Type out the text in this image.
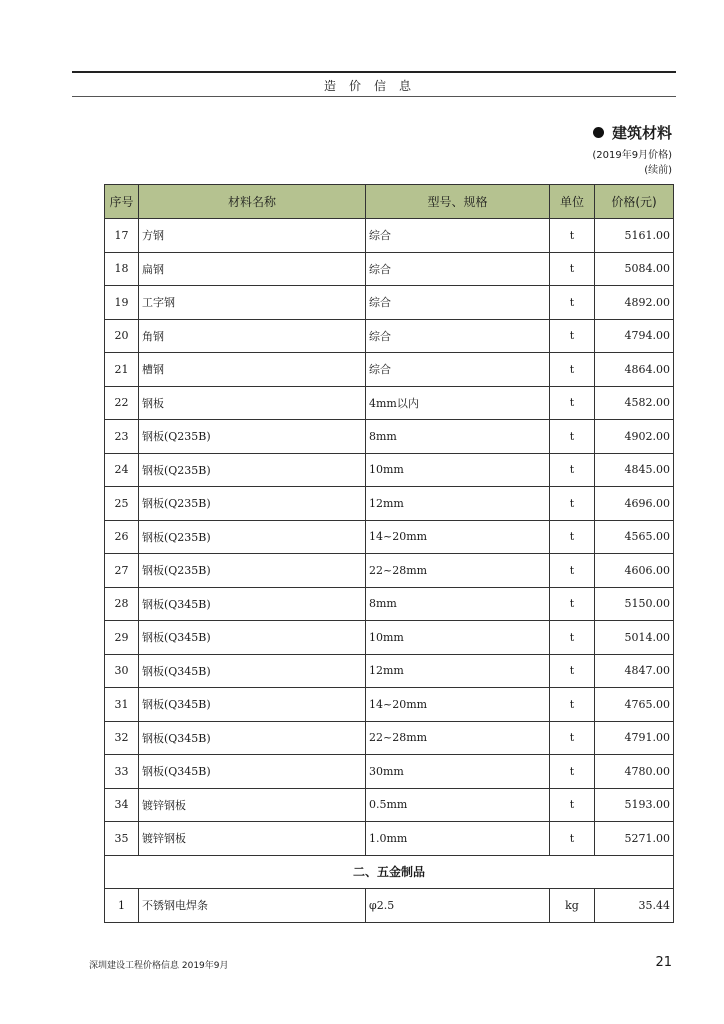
造价信息
建筑材料
(2019年9月价格)
(续前)
序号	材料名称	型号、规格	单位	价格(元)
17	方钢	综合	t	5161.00
18	扁钢	综合	t	5084.00
19	工字钢	综合	t	4892.00
20	角钢	综合	t	4794.00
21	槽钢	综合	t	4864.00
22	钢板	4mm以内	t	4582.00
23	钢板(Q235B)	8mm	t	4902.00
24	钢板(Q235B)	10mm	t	4845.00
25	钢板(Q235B)	12mm	t	4696.00
26	钢板(Q235B)	14~20mm	t	4565.00
27	钢板(Q235B)	22~28mm	t	4606.00
28	钢板(Q345B)	8mm	t	5150.00
29	钢板(Q345B)	10mm	t	5014.00
30	钢板(Q345B)	12mm	t	4847.00
31	钢板(Q345B)	14~20mm	t	4765.00
32	钢板(Q345B)	22~28mm	t	4791.00
33	钢板(Q345B)	30mm	t	4780.00
34	镀锌钢板	0.5mm	t	5193.00
35	镀锌钢板	1.0mm	t	5271.00
二、五金制品				
1	不锈钢电焊条	φ2.5	kg	35.44
深圳建设工程价格信息 2019年9月	21
